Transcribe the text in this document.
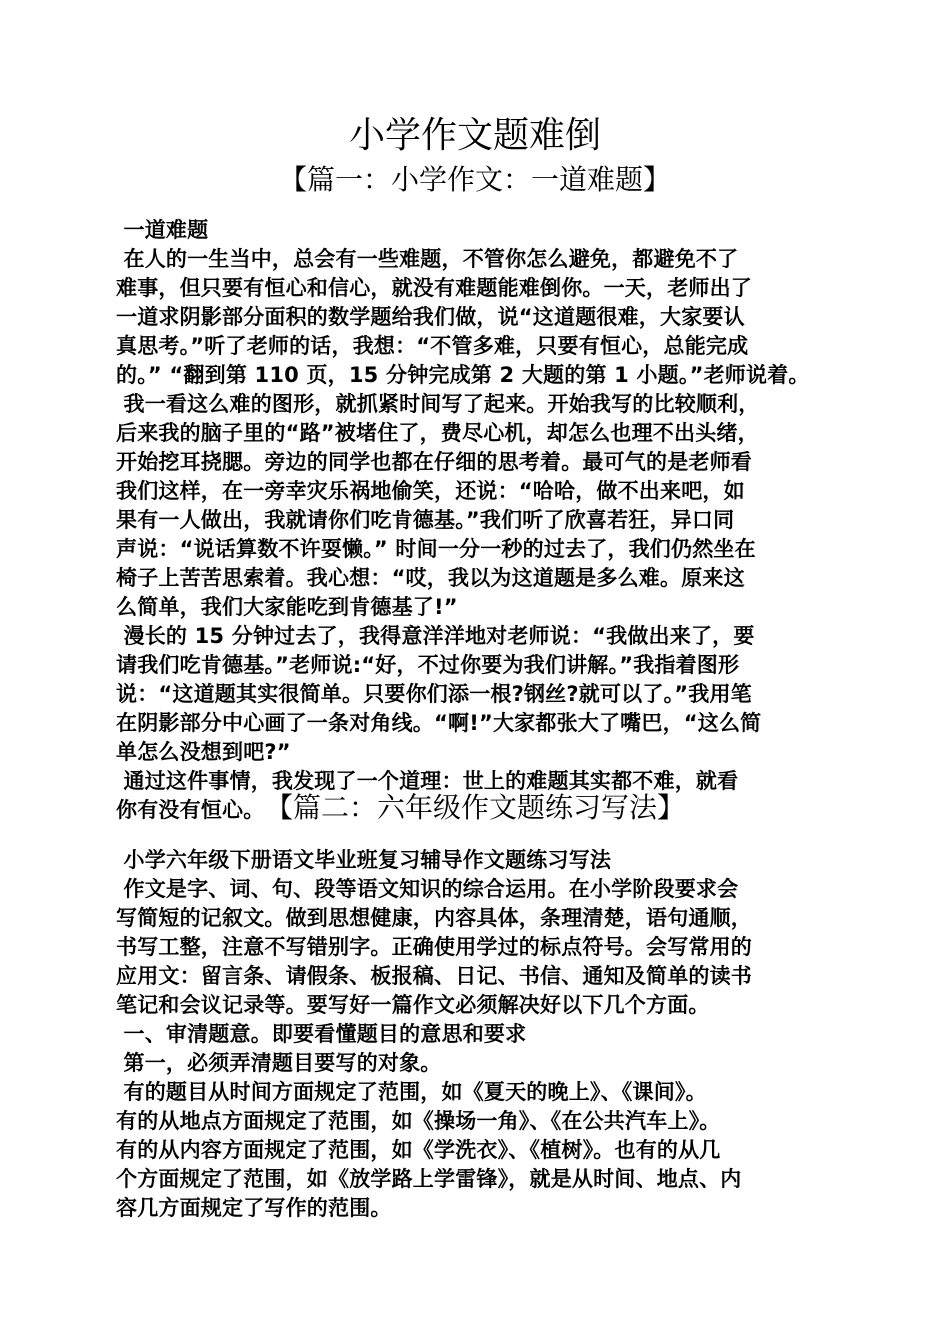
小学作文题难倒
【篇一：小学作文：一道难题】
一道难题
在人的一生当中，总会有一些难题，不管你怎么避免，都避免不了
难事，但只要有恒心和信心，就没有难题能难倒你。一天，老师出了
一道求阴影部分面积的数学题给我们做，说“这道题很难，大家要认
真思考。”听了老师的话，我想：“不管多难，只要有恒心，总能完成
的。” “翻到第 110 页，15 分钟完成第 2 大题的第 1 小题。”老师说着。
我一看这么难的图形，就抓紧时间写了起来。开始我写的比较顺利，
后来我的脑子里的“路”被堵住了，费尽心机，却怎么也理不出头绪，
开始挖耳挠腮。旁边的同学也都在仔细的思考着。最可气的是老师看
我们这样，在一旁幸灾乐祸地偷笑，还说：“哈哈，做不出来吧，如
果有一人做出，我就请你们吃肯德基。”我们听了欣喜若狂，异口同
声说：“说话算数不许耍懒。” 时间一分一秒的过去了，我们仍然坐在
椅子上苦苦思索着。我心想：“哎，我以为这道题是多么难。原来这
么简单，我们大家能吃到肯德基了!”
漫长的 15 分钟过去了，我得意洋洋地对老师说：“我做出来了，要
请我们吃肯德基。”老师说:“好，不过你要为我们讲解。”我指着图形
说：“这道题其实很简单。只要你们添一根?钢丝?就可以了。”我用笔
在阴影部分中心画了一条对角线。“啊!”大家都张大了嘴巴，“这么简
单怎么没想到吧?”
通过这件事情，我发现了一个道理：世上的难题其实都不难，就看
你有没有恒心。 【篇二：六年级作文题练习写法】
小学六年级下册语文毕业班复习辅导作文题练习写法
作文是字、词、句、段等语文知识的综合运用。在小学阶段要求会
写简短的记叙文。做到思想健康，内容具体，条理清楚，语句通顺，
书写工整，注意不写错别字。正确使用学过的标点符号。会写常用的
应用文：留言条、请假条、板报稿、日记、书信、通知及简单的读书
笔记和会议记录等。要写好一篇作文必须解决好以下几个方面。
一、审清题意。即要看懂题目的意思和要求
第一，必须弄清题目要写的对象。
有的题目从时间方面规定了范围，如《夏天的晚上》、《课间》。
有的从地点方面规定了范围，如《操场一角》、《在公共汽车上》。
有的从内容方面规定了范围，如《学洗衣》、《植树》。也有的从几
个方面规定了范围，如《放学路上学雷锋》，就是从时间、地点、内
容几方面规定了写作的范围。
